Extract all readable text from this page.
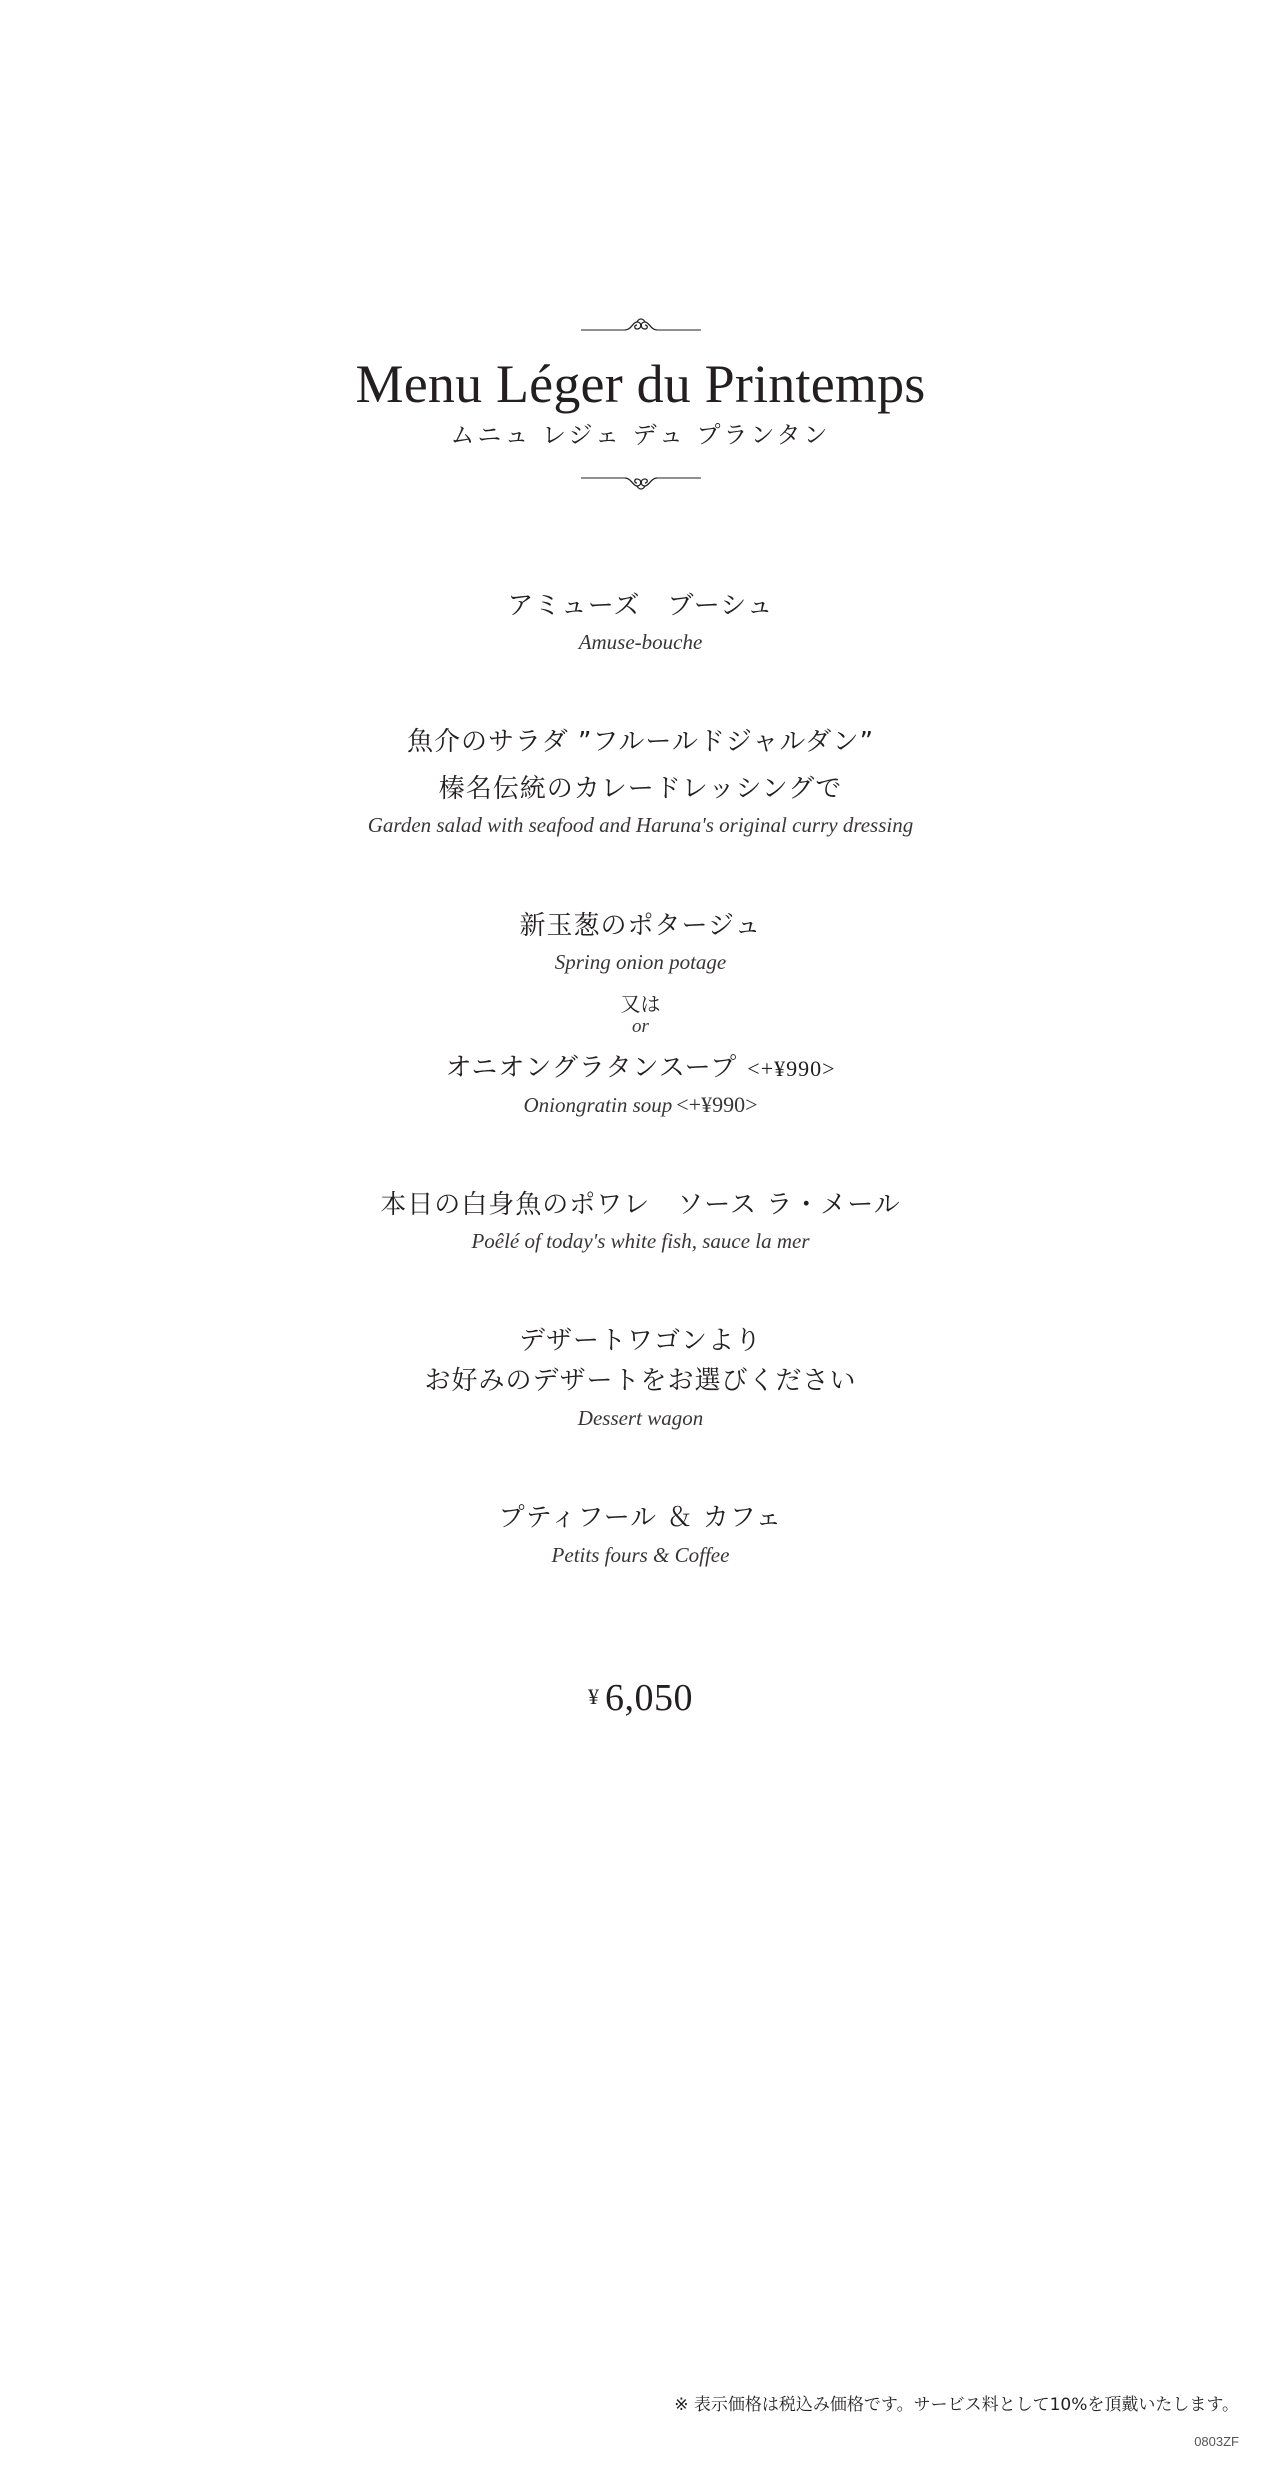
Menu Léger du Printemps
ムニュ レジェ デュ プランタン
アミューズ　ブーシュ
Amuse-bouche
魚介のサラダ ”フルールドジャルダン”
榛名伝統のカレードレッシングで
Garden salad with seafood and Haruna's original curry dressing
新玉葱のポタージュ
Spring onion potage
又は
or
オニオングラタンスープ <+¥990>
Oniongratin soup <+¥990>
本日の白身魚のポワレ　ソース ラ・メール
Poêlé of today's white fish, sauce la mer
デザートワゴンより
お好みのデザートをお選びください
Dessert wagon
プティフール ＆ カフェ
Petits fours & Coffee
¥ 6,050
※ 表示価格は税込み価格です。サービス料として10%を頂戴いたします。
0803ZF
